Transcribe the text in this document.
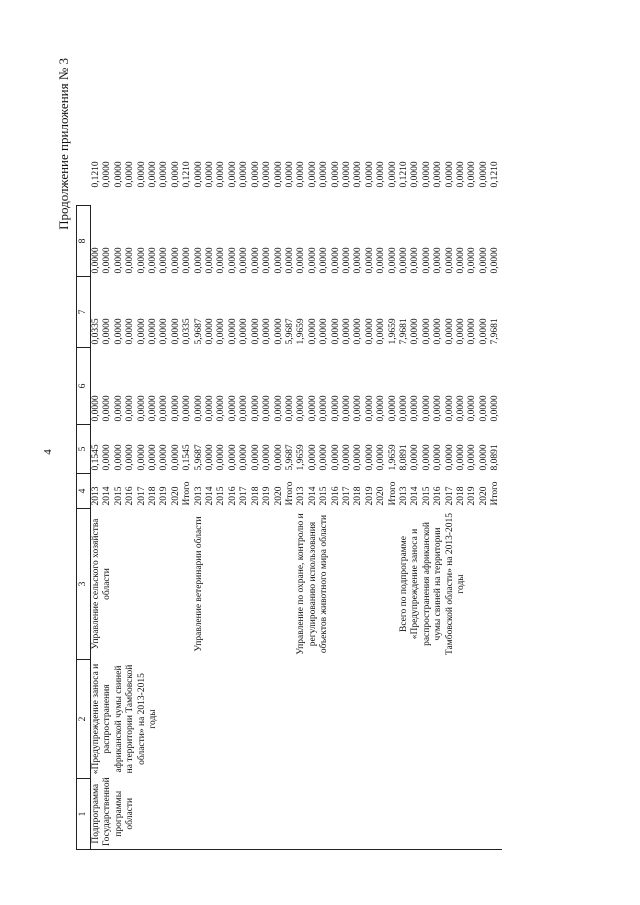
4
Продолжение приложения № 3
1	2	3	4	5	6	7	8	
Подпрограмма Государственной программы области	«Предупреждение заноса и распространения африканской чумы свиней на территории Тамбовской области» на 2013-2015 годы	Управление сельского хозяйства области	2013	0,1545	0,0000	0,0335	0,0000	0,1210
			2014	0,0000	0,0000	0,0000	0,0000	0,0000
			2015	0,0000	0,0000	0,0000	0,0000	0,0000
			2016	0,0000	0,0000	0,0000	0,0000	0,0000
			2017	0,0000	0,0000	0,0000	0,0000	0,0000
			2018	0,0000	0,0000	0,0000	0,0000	0,0000
			2019	0,0000	0,0000	0,0000	0,0000	0,0000
			2020	0,0000	0,0000	0,0000	0,0000	0,0000
			Итого	0,1545	0,0000	0,0335	0,0000	0,1210
		Управление ветеринарии области	2013	5,9687	0,0000	5,9687	0,0000	0,0000
			2014	0,0000	0,0000	0,0000	0,0000	0,0000
			2015	0,0000	0,0000	0,0000	0,0000	0,0000
			2016	0,0000	0,0000	0,0000	0,0000	0,0000
			2017	0,0000	0,0000	0,0000	0,0000	0,0000
			2018	0,0000	0,0000	0,0000	0,0000	0,0000
			2019	0,0000	0,0000	0,0000	0,0000	0,0000
			2020	0,0000	0,0000	0,0000	0,0000	0,0000
			Итого	5,9687	0,0000	5,9687	0,0000	0,0000
		Управление по охране, контролю и регулированию использования объектов животного мира области	2013	1,9659	0,0000	1,9659	0,0000	0,0000
			2014	0,0000	0,0000	0,0000	0,0000	0,0000
			2015	0,0000	0,0000	0,0000	0,0000	0,0000
			2016	0,0000	0,0000	0,0000	0,0000	0,0000
			2017	0,0000	0,0000	0,0000	0,0000	0,0000
			2018	0,0000	0,0000	0,0000	0,0000	0,0000
			2019	0,0000	0,0000	0,0000	0,0000	0,0000
			2020	0,0000	0,0000	0,0000	0,0000	0,0000
			Итого	1,9659	0,0000	1,9659	0,0000	0,0000
		Всего по подпрограмме «Предупреждение заноса и распространения африканской чумы свиней на территории Тамбовской области» на 2013-2015 годы	2013	8,0891	0,0000	7,9681	0,0000	0,1210
			2014	0,0000	0,0000	0,0000	0,0000	0,0000
			2015	0,0000	0,0000	0,0000	0,0000	0,0000
			2016	0,0000	0,0000	0,0000	0,0000	0,0000
			2017	0,0000	0,0000	0,0000	0,0000	0,0000
			2018	0,0000	0,0000	0,0000	0,0000	0,0000
			2019	0,0000	0,0000	0,0000	0,0000	0,0000
			2020	0,0000	0,0000	0,0000	0,0000	0,0000
			Итого	8,0891	0,0000	7,9681	0,0000	0,1210
